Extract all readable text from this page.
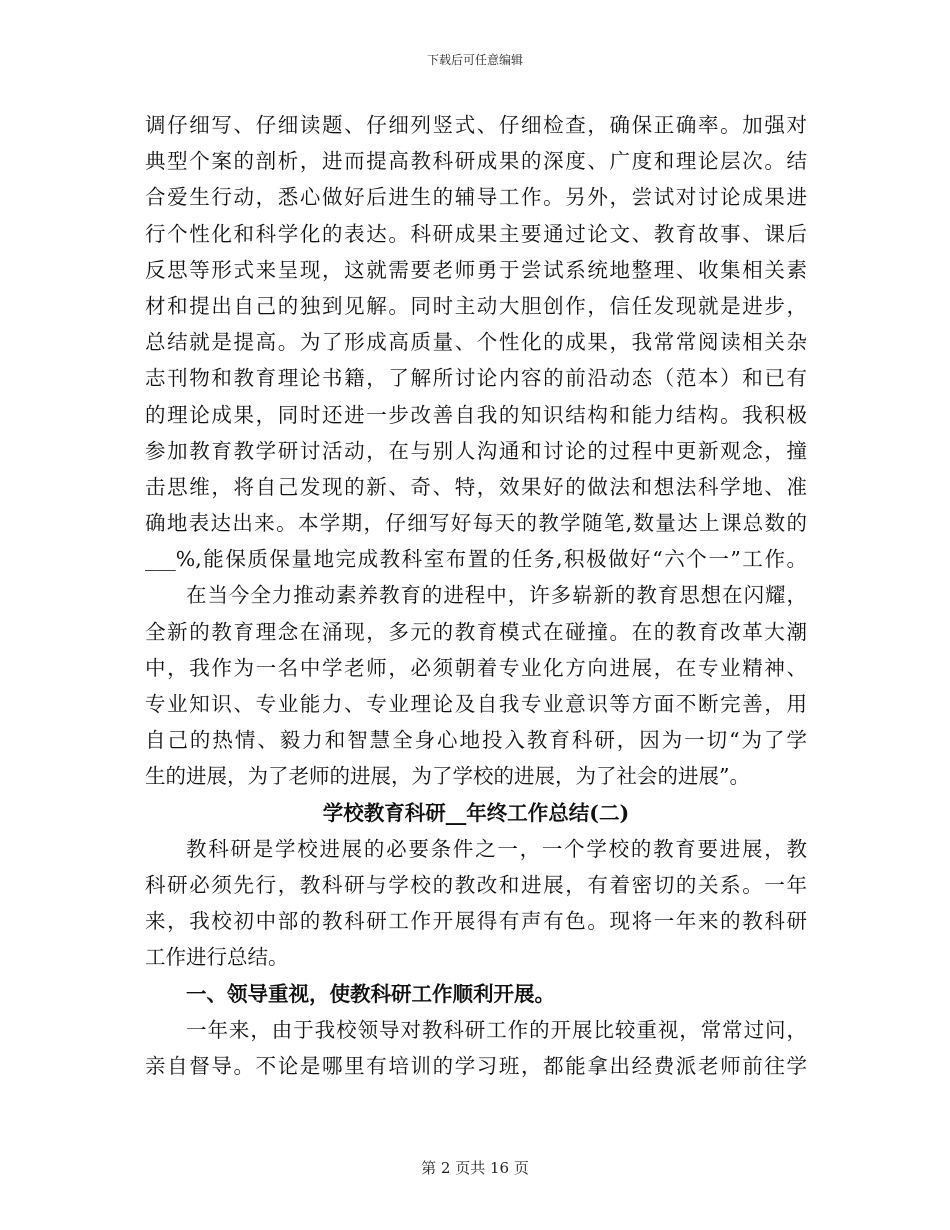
下载后可任意编辑
调仔细写、仔细读题、仔细列竖式、仔细检查，确保正确率。加强对
典型个案的剖析，进而提高教科研成果的深度、广度和理论层次。结
合爱生行动，悉心做好后进生的辅导工作。另外，尝试对讨论成果进
行个性化和科学化的表达。科研成果主要通过论文、教育故事、课后
反思等形式来呈现，这就需要老师勇于尝试系统地整理、收集相关素
材和提出自己的独到见解。同时主动大胆创作，信任发现就是进步，
总结就是提高。为了形成高质量、个性化的成果，我常常阅读相关杂
志刊物和教育理论书籍，了解所讨论内容的前沿动态（范本）和已有
的理论成果，同时还进一步改善自我的知识结构和能力结构。我积极
参加教育教学研讨活动，在与别人沟通和讨论的过程中更新观念，撞
击思维，将自己发现的新、奇、特，效果好的做法和想法科学地、准
确地表达出来。本学期，仔细写好每天的教学随笔,数量达上课总数的
___%,能保质保量地完成教科室布置的任务,积极做好“六个一”工作。
在当今全力推动素养教育的进程中，许多崭新的教育思想在闪耀，
全新的教育理念在涌现，多元的教育模式在碰撞。在的教育改革大潮
中，我作为一名中学老师，必须朝着专业化方向进展，在专业精神、
专业知识、专业能力、专业理论及自我专业意识等方面不断完善，用
自己的热情、毅力和智慧全身心地投入教育科研，因为一切“为了学
生的进展，为了老师的进展，为了学校的进展，为了社会的进展”。
学校教育科研__年终工作总结(二)
教科研是学校进展的必要条件之一，一个学校的教育要进展，教
科研必须先行，教科研与学校的教改和进展，有着密切的关系。一年
来，我校初中部的教科研工作开展得有声有色。现将一年来的教科研
工作进行总结。
一、领导重视，使教科研工作顺利开展。
一年来，由于我校领导对教科研工作的开展比较重视，常常过问，
亲自督导。不论是哪里有培训的学习班，都能拿出经费派老师前往学
第 2 页共 16 页
